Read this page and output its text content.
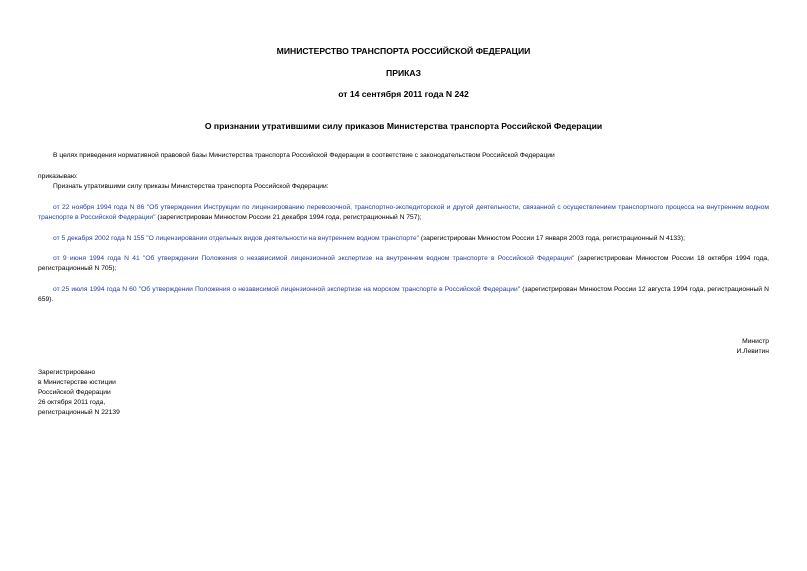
МИНИСТЕРСТВО ТРАНСПОРТА РОССИЙСКОЙ ФЕДЕРАЦИИ
ПРИКАЗ
от 14 сентября 2011 года N 242
О признании утратившими силу приказов Министерства транспорта Российской Федерации
В целях приведения нормативной правовой базы Министерства транспорта Российской Федерации в соответствие с законодательством Российской Федерации
приказываю:
Признать утратившими силу приказы Министерства транспорта Российской Федерации:
от 22 ноября 1994 года N 86 "Об утверждении Инструкции по лицензированию перевозочной, транспортно-экспедиторской и другой деятельности, связанной с осуществлением транспортного процесса на внутреннем водном транспорте в Российской Федерации" (зарегистрирован Минюстом России 21 декабря 1994 года, регистрационный N 757);
от 5 декабря 2002 года N 155 "О лицензировании отдельных видов деятельности на внутреннем водном транспорте" (зарегистрирован Минюстом России 17 января 2003 года, регистрационный N 4133);
от 9 июня 1994 года N 41 "Об утверждении Положения о независимой лицензионной экспертизе на внутреннем водном транспорте в Российской Федерации" (зарегистрирован Минюстом России 18 октября 1994 года, регистрационный N 705);
от 25 июля 1994 года N 60 "Об утверждении Положения о независимой лицензионной экспертизе на морском транспорте в Российской Федерации" (зарегистрирован Минюстом России 12 августа 1994 года, регистрационный N 659).
Министр
И.Левитин
Зарегистрировано
в Министерстве юстиции
Российской Федерации
26 октября 2011 года,
регистрационный N 22139
